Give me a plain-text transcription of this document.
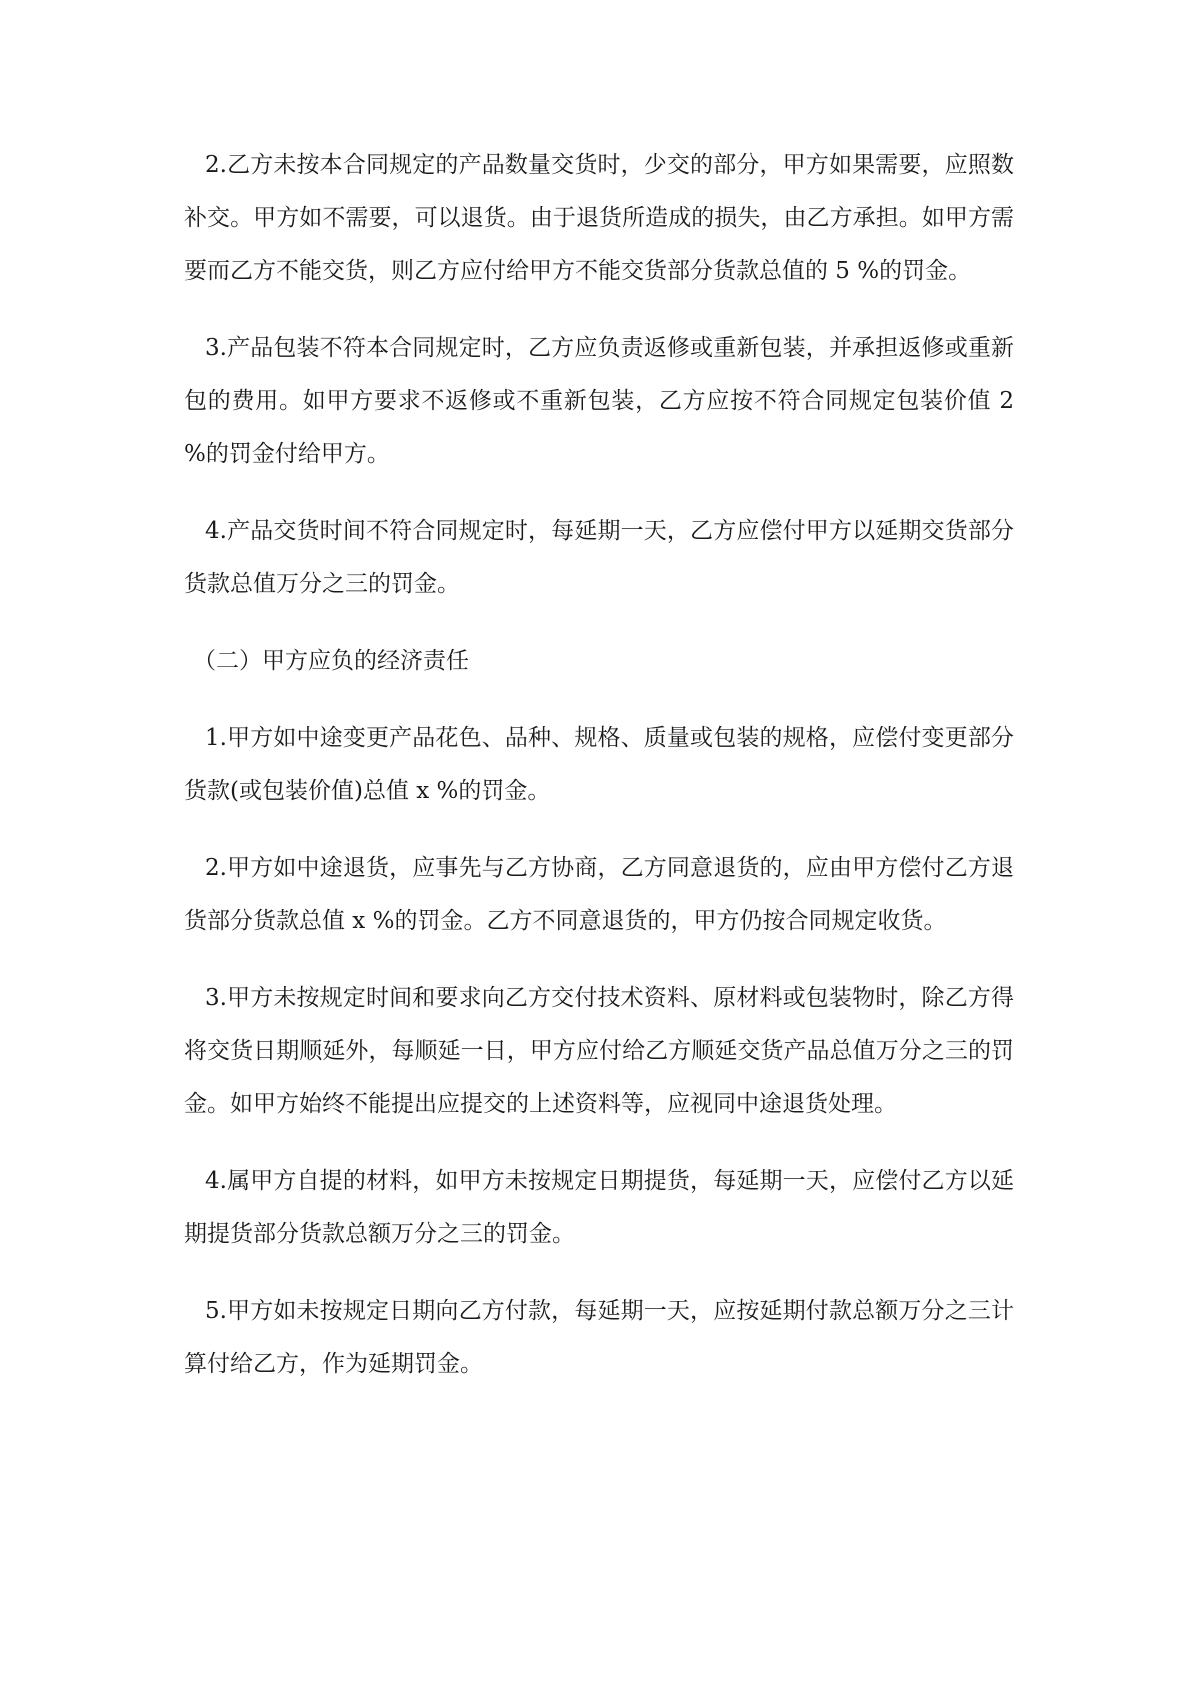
2.乙方未按本合同规定的产品数量交货时，少交的部分，甲方如果需要，应照数补交。甲方如不需要，可以退货。由于退货所造成的损失，由乙方承担。如甲方需要而乙方不能交货，则乙方应付给甲方不能交货部分货款总值的 5 %的罚金。

3.产品包装不符本合同规定时，乙方应负责返修或重新包装，并承担返修或重新包的费用。如甲方要求不返修或不重新包装，乙方应按不符合同规定包装价值 2 %的罚金付给甲方。

4.产品交货时间不符合同规定时，每延期一天，乙方应偿付甲方以延期交货部分货款总值万分之三的罚金。

（二）甲方应负的经济责任

1.甲方如中途变更产品花色、品种、规格、质量或包装的规格，应偿付变更部分货款(或包装价值)总值 x %的罚金。

2.甲方如中途退货，应事先与乙方协商，乙方同意退货的，应由甲方偿付乙方退货部分货款总值 x %的罚金。乙方不同意退货的，甲方仍按合同规定收货。

3.甲方未按规定时间和要求向乙方交付技术资料、原材料或包装物时，除乙方得将交货日期顺延外，每顺延一日，甲方应付给乙方顺延交货产品总值万分之三的罚金。如甲方始终不能提出应提交的上述资料等，应视同中途退货处理。

4.属甲方自提的材料，如甲方未按规定日期提货，每延期一天，应偿付乙方以延期提货部分货款总额万分之三的罚金。

5.甲方如未按规定日期向乙方付款，每延期一天，应按延期付款总额万分之三计算付给乙方，作为延期罚金。
